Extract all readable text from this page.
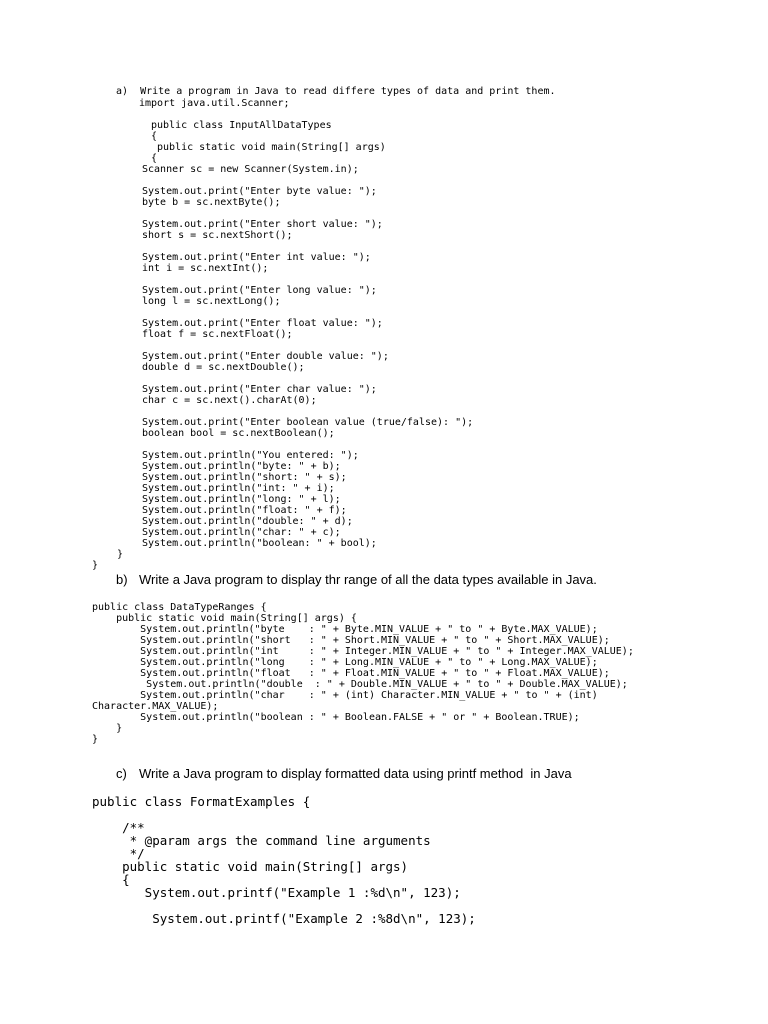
a) Write a program in Java to read differe types of data and print them.
import java.util.Scanner;
public class InputAllDataTypes
{
public static void main(String[] args)
{
Scanner sc = new Scanner(System.in);
System.out.print("Enter byte value: ");
byte b = sc.nextByte();
System.out.print("Enter short value: ");
short s = sc.nextShort();
System.out.print("Enter int value: ");
int i = sc.nextInt();
System.out.print("Enter long value: ");
long l = sc.nextLong();
System.out.print("Enter float value: ");
float f = sc.nextFloat();
System.out.print("Enter double value: ");
double d = sc.nextDouble();
System.out.print("Enter char value: ");
char c = sc.next().charAt(0);
System.out.print("Enter boolean value (true/false): ");
boolean bool = sc.nextBoolean();
System.out.println("You entered: ");
System.out.println("byte: " + b);
System.out.println("short: " + s);
System.out.println("int: " + i);
System.out.println("long: " + l);
System.out.println("float: " + f);
System.out.println("double: " + d);
System.out.println("char: " + c);
System.out.println("boolean: " + bool);
}
}
b) Write a Java program to display thr range of all the data types available in Java.
public class DataTypeRanges {
public static void main(String[] args) {
System.out.println("byte    : " + Byte.MIN_VALUE + " to " + Byte.MAX_VALUE);
System.out.println("short   : " + Short.MIN_VALUE + " to " + Short.MAX_VALUE);
System.out.println("int     : " + Integer.MIN_VALUE + " to " + Integer.MAX_VALUE);
System.out.println("long    : " + Long.MIN_VALUE + " to " + Long.MAX_VALUE);
System.out.println("float   : " + Float.MIN_VALUE + " to " + Float.MAX_VALUE);
System.out.println("double  : " + Double.MIN_VALUE + " to " + Double.MAX_VALUE);
System.out.println("char    : " + (int) Character.MIN_VALUE + " to " + (int)
Character.MAX_VALUE);
System.out.println("boolean : " + Boolean.FALSE + " or " + Boolean.TRUE);
}
}
c) Write a Java program to display formatted data using printf method  in Java
public class FormatExamples {
/**
* @param args the command line arguments
*/
public static void main(String[] args)
{
System.out.printf("Example 1 :%d\n", 123);
System.out.printf("Example 2 :%8d\n", 123);
